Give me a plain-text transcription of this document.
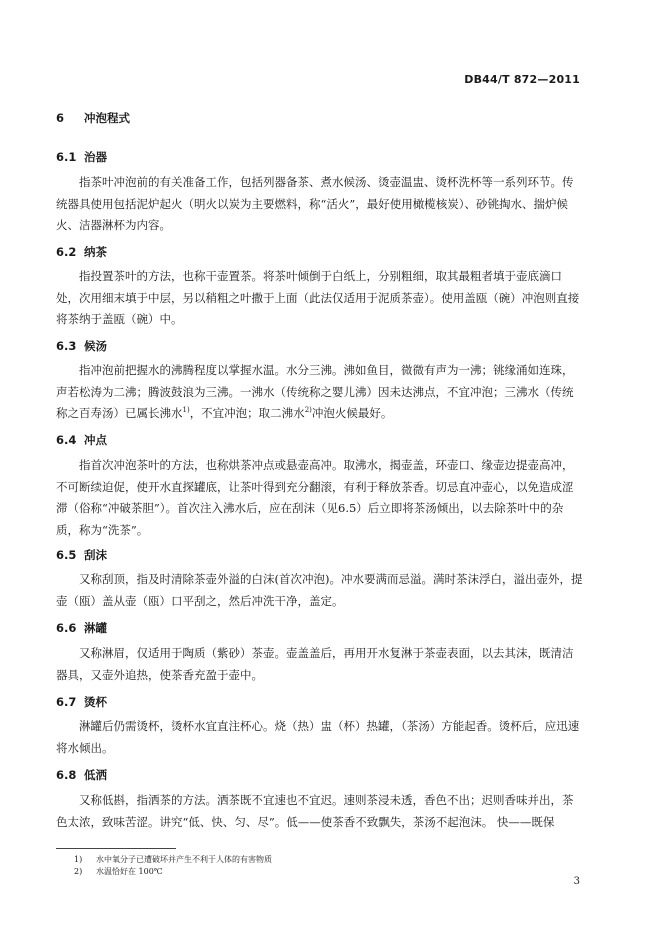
DB44/T 872—2011
6 冲泡程式
6.1 治器

指茶叶冲泡前的有关准备工作，包括列器备茶、煮水候汤、烫壶温盅、烫杯洗杯等一系列环节。传统器具使用包括泥炉起火（明火以炭为主要燃料，称“活火”，最好使用橄榄核炭）、砂铫掏水、揣炉候火、洁器淋杯为内容。

6.2 纳茶

指投置茶叶的方法，也称干壶置茶。将茶叶倾倒于白纸上，分别粗细，取其最粗者填于壶底滴口处，次用细末填于中层，另以稍粗之叶撒于上面（此法仅适用于泥质茶壶）。使用盖瓯（碗）冲泡则直接将茶纳于盖瓯（碗）中。

6.3 候汤

指冲泡前把握水的沸腾程度以掌握水温。水分三沸。沸如鱼目，微微有声为一沸；铫缘涌如连珠，声若松涛为二沸；腾波鼓浪为三沸。一沸水（传统称之婴儿沸）因未达沸点，不宜冲泡；三沸水（传统称之百寿汤）已属长沸水$^{1)}$，不宜冲泡；取二沸水$^{2)}$冲泡火候最好。

6.4 冲点

指首次冲泡茶叶的方法，也称烘茶冲点或悬壶高冲。取沸水，揭壶盖，环壶口、缘壶边提壶高冲，不可断续迫促，使开水直探罐底，让茶叶得到充分翻滚，有利于释放茶香。切忌直冲壶心，以免造成涩滞（俗称“冲破茶胆”）。首次注入沸水后，应在刮沫（见6.5）后立即将茶汤倾出，以去除茶叶中的杂质，称为“洗茶”。

6.5 刮沫

又称刮顶，指及时清除茶壶外溢的白沫(首次冲泡)。冲水要满而忌溢。满时茶沫浮白，溢出壶外，提壶（瓯）盖从壶（瓯）口平刮之，然后冲洗干净，盖定。

6.6 淋罐

又称淋眉，仅适用于陶质（紫砂）茶壶。壶盖盖后，再用开水复淋于茶壶表面，以去其沫，既清洁器具，又壶外追热，使茶香充盈于壶中。

6.7 烫杯

淋罐后仍需烫杯，烫杯水宜直注杯心。烧（热）盅（杯）热罐，（茶汤）方能起香。烫杯后，应迅速将水倾出。

6.8 低洒

又称低斟，指洒茶的方法。洒茶既不宜速也不宜迟。速则茶浸未透，香色不出；迟则香味并出，茶色太浓，致味苦涩。讲究“低、快、匀、尽”。低——使茶香不致飘失，茶汤不起泡沫。 快——既保

1) 水中氧分子已遭破坏并产生不利于人体的有害物质
2) 水温恰好在 100℃
3
